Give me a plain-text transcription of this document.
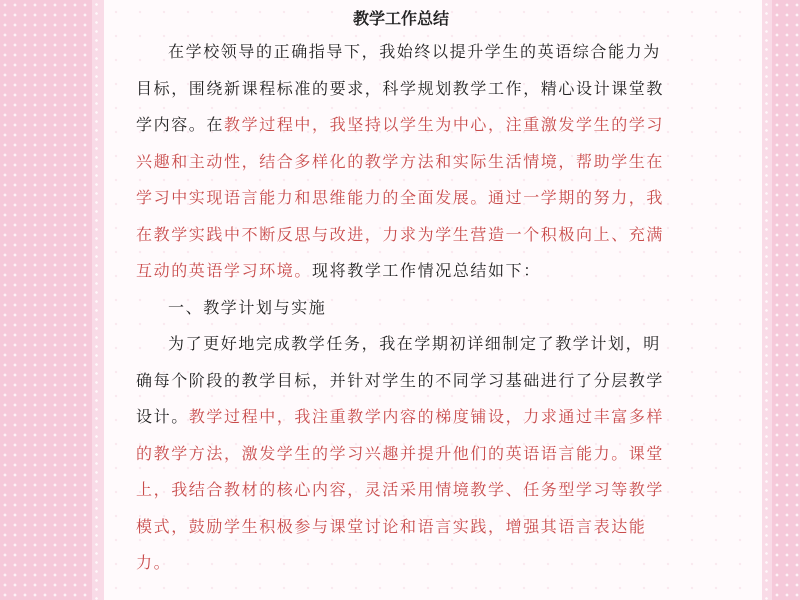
教学工作总结

在学校领导的正确指导下，我始终以提升学生的英语综合能力为目标，围绕新课程标准的要求，科学规划教学工作，精心设计课堂教学内容。在教学过程中，我坚持以学生为中心，注重激发学生的学习兴趣和主动性，结合多样化的教学方法和实际生活情境，帮助学生在学习中实现语言能力和思维能力的全面发展。通过一学期的努力，我在教学实践中不断反思与改进，力求为学生营造一个积极向上、充满互动的英语学习环境。现将教学工作情况总结如下：

一、教学计划与实施

为了更好地完成教学任务，我在学期初详细制定了教学计划，明确每个阶段的教学目标，并针对学生的不同学习基础进行了分层教学设计。教学过程中，我注重教学内容的梯度铺设，力求通过丰富多样的教学方法，激发学生的学习兴趣并提升他们的英语语言能力。课堂上，我结合教材的核心内容，灵活采用情境教学、任务型学习等教学模式，鼓励学生积极参与课堂讨论和语言实践，增强其语言表达能力。
